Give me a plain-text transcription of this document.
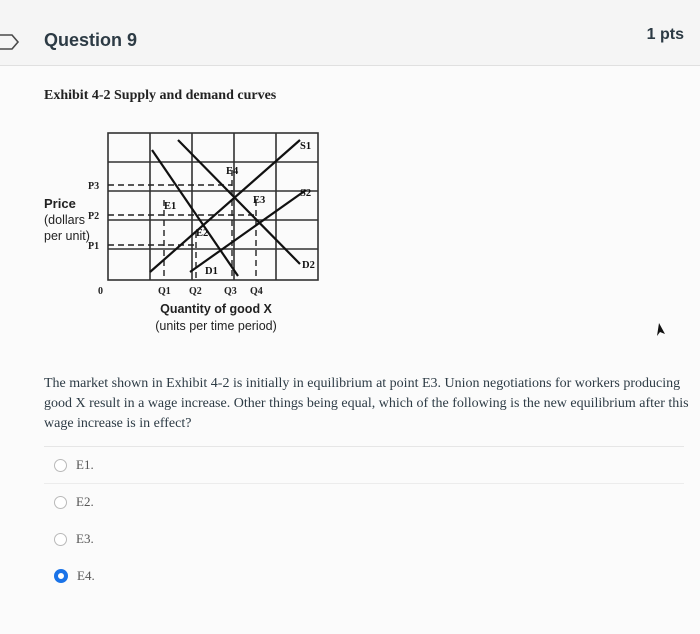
Question 9	1 pts
Exhibit 4-2 Supply and demand curves
Price
(dollars
per unit)
P3
P2
P1
0	Q1 Q2 Q3 Q4
S1
S2
D1
D2
E1
E2
E3
E4
Quantity of good X
(units per time period)
The market shown in Exhibit 4-2 is initially in equilibrium at point E3. Union negotiations for workers producing good X result in a wage increase. Other things being equal, which of the following is the new equilibrium after this wage increase is in effect?
E1.
E2.
E3.
E4.
